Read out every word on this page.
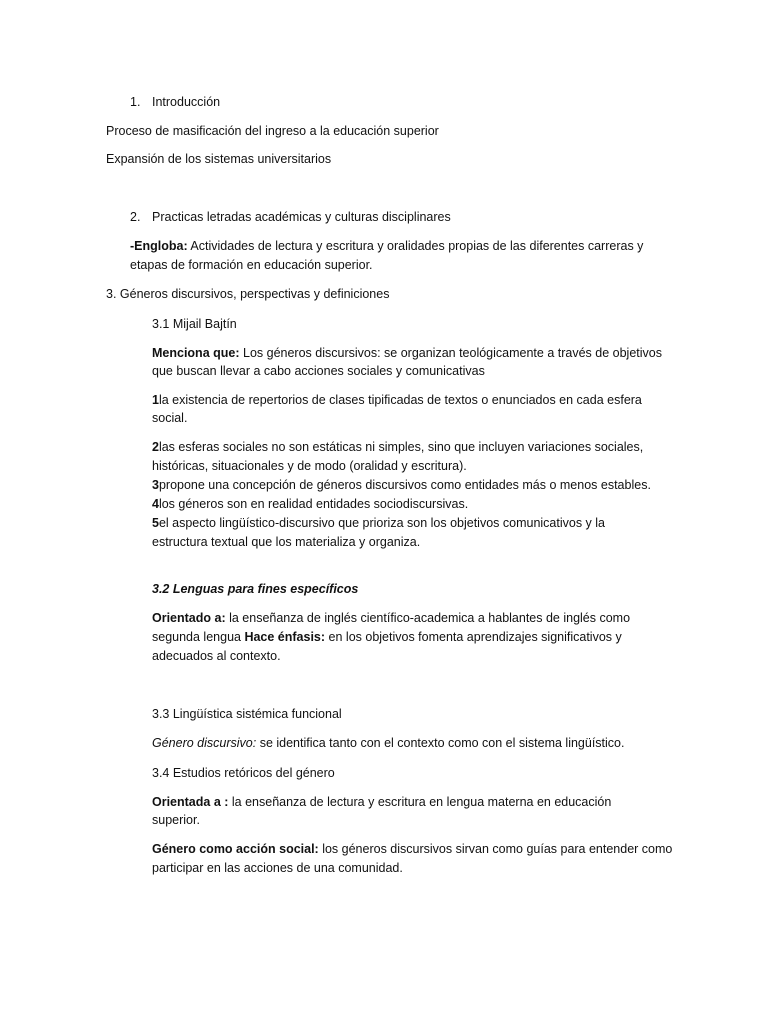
1. Introducción
Proceso de masificación del ingreso a la educación superior
Expansión de los sistemas universitarios
2. Practicas letradas académicas y culturas disciplinares
-Engloba: Actividades de lectura y escritura y oralidades propias de las diferentes carreras y
etapas de formación en educación superior.
3. Géneros discursivos, perspectivas y definiciones
3.1 Mijail Bajtín
Menciona que: Los géneros discursivos: se organizan teológicamente a través de objetivos
que buscan llevar a cabo acciones sociales y comunicativas
1la existencia de repertorios de clases tipificadas de textos o enunciados en cada esfera
social.
2las esferas sociales no son estáticas ni simples, sino que incluyen variaciones sociales,
históricas, situacionales y de modo (oralidad y escritura).
3propone una concepción de géneros discursivos como entidades más o menos estables.
4los géneros son en realidad entidades sociodiscursivas.
5el aspecto lingüístico-discursivo que prioriza son los objetivos comunicativos y la
estructura textual que los materializa y organiza.
3.2 Lenguas para fines específicos
Orientado a: la enseñanza de inglés científico-academica a hablantes de inglés como
segunda lengua Hace énfasis: en los objetivos fomenta aprendizajes significativos y
adecuados al contexto.
3.3 Lingüística sistémica funcional
Género discursivo: se identifica tanto con el contexto como con el sistema lingüístico.
3.4 Estudios retóricos del género
Orientada a : la enseñanza de lectura y escritura en lengua materna en educación
superior.
Género como acción social: los géneros discursivos sirvan como guías para entender como
participar en las acciones de una comunidad.
